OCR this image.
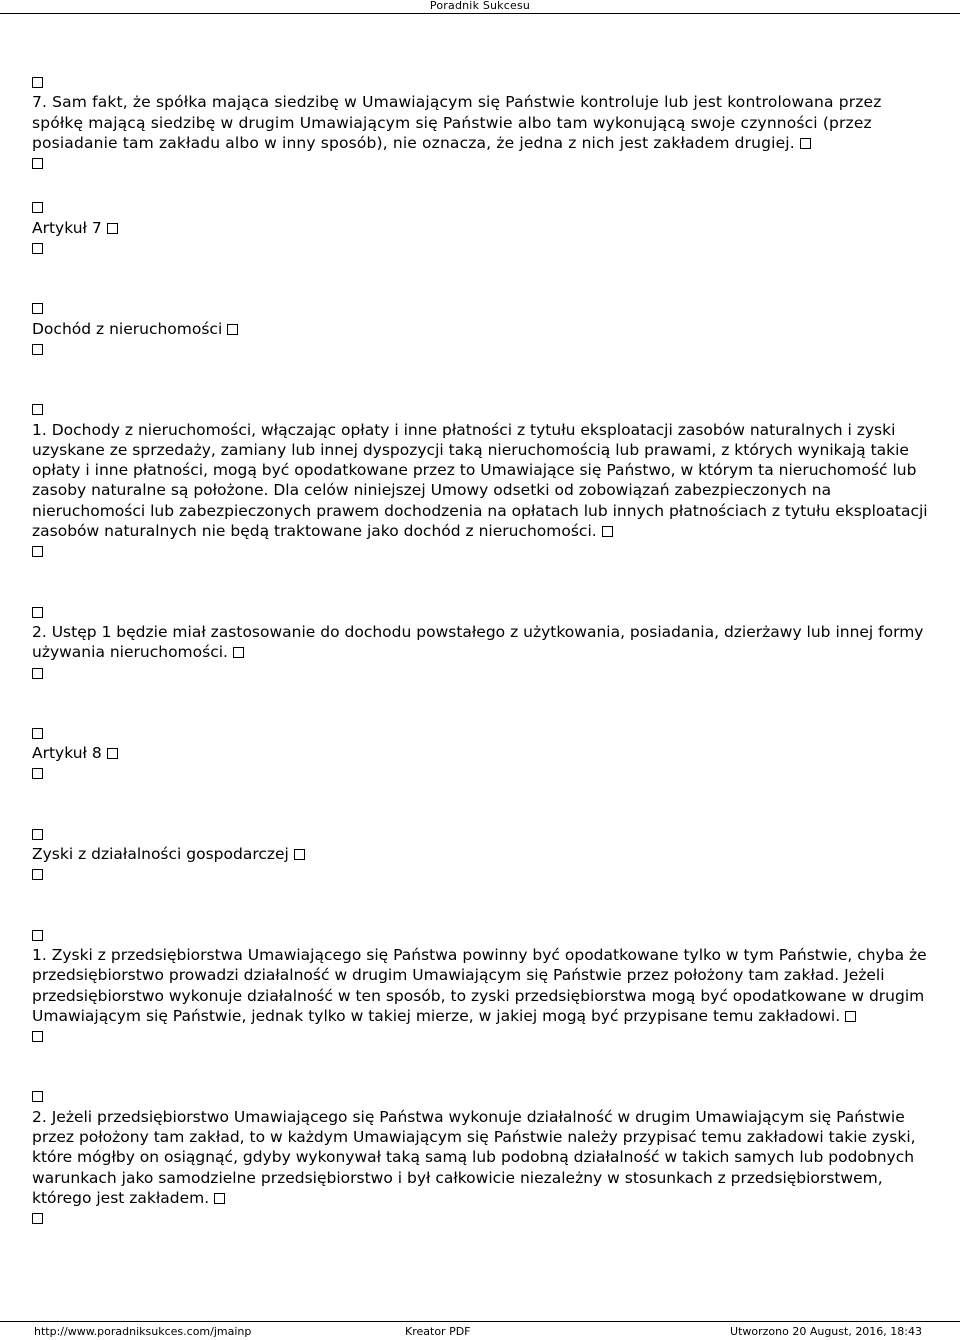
Poradnik Sukcesu

7. Sam fakt, że spółka mająca siedzibę w Umawiającym się Państwie kontroluje lub jest kontrolowana przez spółkę mającą siedzibę w drugim Umawiającym się Państwie albo tam wykonującą swoje czynności (przez posiadanie tam zakładu albo w inny sposób), nie oznacza, że jedna z nich jest zakładem drugiej.

Artykuł 7
Dochód z nieruchomości

1. Dochody z nieruchomości, włączając opłaty i inne płatności z tytułu eksploatacji zasobów naturalnych i zyski uzyskane ze sprzedaży, zamiany lub innej dyspozycji taką nieruchomością lub prawami, z których wynikają takie opłaty i inne płatności, mogą być opodatkowane przez to Umawiające się Państwo, w którym ta nieruchomość lub zasoby naturalne są położone. Dla celów niniejszej Umowy odsetki od zobowiązań zabezpieczonych na nieruchomości lub zabezpieczonych prawem dochodzenia na opłatach lub innych płatnościach z tytułu eksploatacji zasobów naturalnych nie będą traktowane jako dochód z nieruchomości.

2. Ustęp 1 będzie miał zastosowanie do dochodu powstałego z użytkowania, posiadania, dzierżawy lub innej formy używania nieruchomości.

Artykuł 8
Zyski z działalności gospodarczej

1. Zyski z przedsiębiorstwa Umawiającego się Państwa powinny być opodatkowane tylko w tym Państwie, chyba że przedsiębiorstwo prowadzi działalność w drugim Umawiającym się Państwie przez położony tam zakład. Jeżeli przedsiębiorstwo wykonuje działalność w ten sposób, to zyski przedsiębiorstwa mogą być opodatkowane w drugim Umawiającym się Państwie, jednak tylko w takiej mierze, w jakiej mogą być przypisane temu zakładowi.

2. Jeżeli przedsiębiorstwo Umawiającego się Państwa wykonuje działalność w drugim Umawiającym się Państwie przez położony tam zakład, to w każdym Umawiającym się Państwie należy przypisać temu zakładowi takie zyski, które mógłby on osiągnąć, gdyby wykonywał taką samą lub podobną działalność w takich samych lub podobnych warunkach jako samodzielne przedsiębiorstwo i był całkowicie niezależny w stosunkach z przedsiębiorstwem, którego jest zakładem.

http://www.poradniksukces.com/jmainp	Kreator PDF	Utworzono 20 August, 2016, 18:43
